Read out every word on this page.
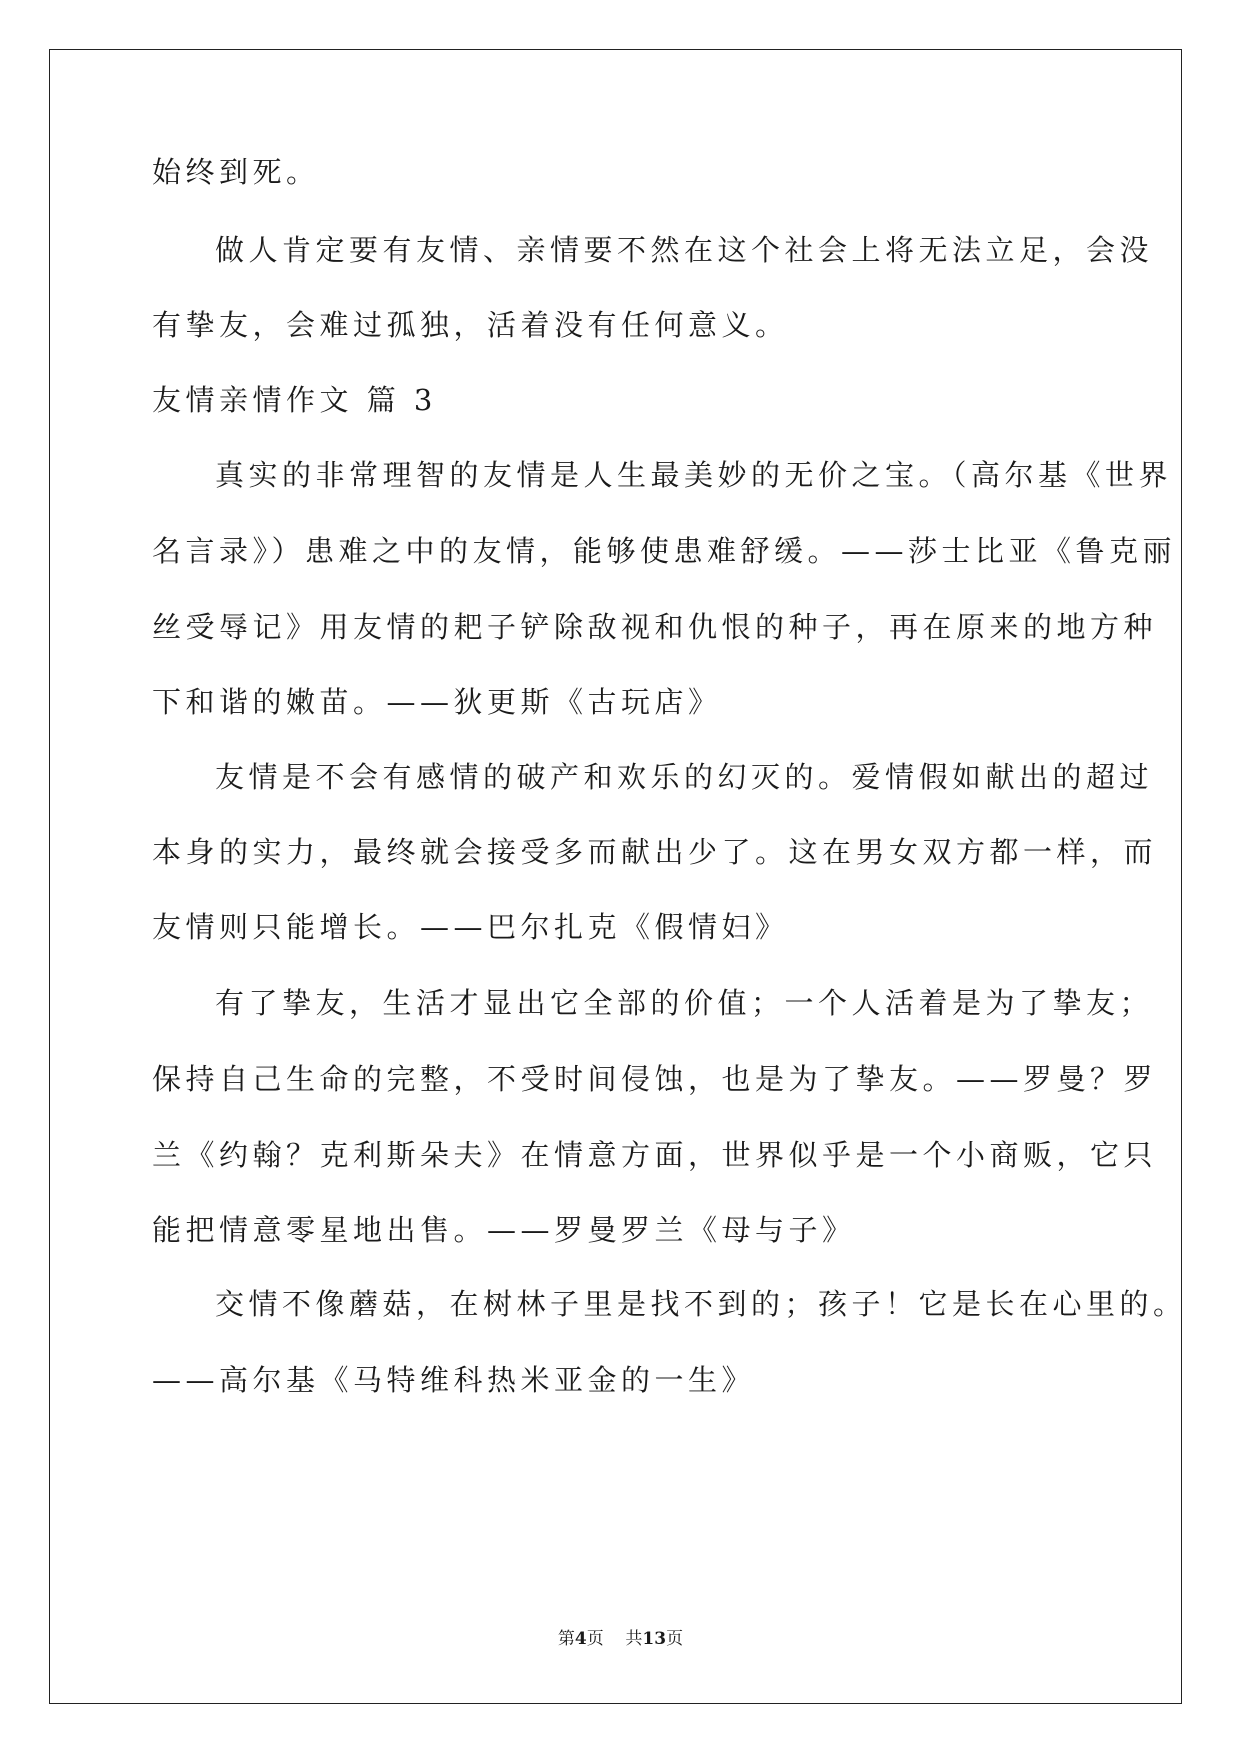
始终到死。
做人肯定要有友情、亲情要不然在这个社会上将无法立足，会没
有挚友，会难过孤独，活着没有任何意义。
友情亲情作文 篇 3
真实的非常理智的友情是人生最美妙的无价之宝。（高尔基《世界
名言录》）患难之中的友情，能够使患难舒缓。——莎士比亚《鲁克丽
丝受辱记》用友情的耙子铲除敌视和仇恨的种子，再在原来的地方种
下和谐的嫩苗。——狄更斯《古玩店》
友情是不会有感情的破产和欢乐的幻灭的。爱情假如献出的超过
本身的实力，最终就会接受多而献出少了。这在男女双方都一样，而
友情则只能增长。——巴尔扎克《假情妇》
有了挚友，生活才显出它全部的价值；一个人活着是为了挚友；
保持自己生命的完整，不受时间侵蚀，也是为了挚友。——罗曼？罗
兰《约翰？克利斯朵夫》在情意方面，世界似乎是一个小商贩，它只
能把情意零星地出售。——罗曼罗兰《母与子》
交情不像蘑菇，在树林子里是找不到的；孩子！它是长在心里的。
——高尔基《马特维科热米亚金的一生》
第4页 共13页
